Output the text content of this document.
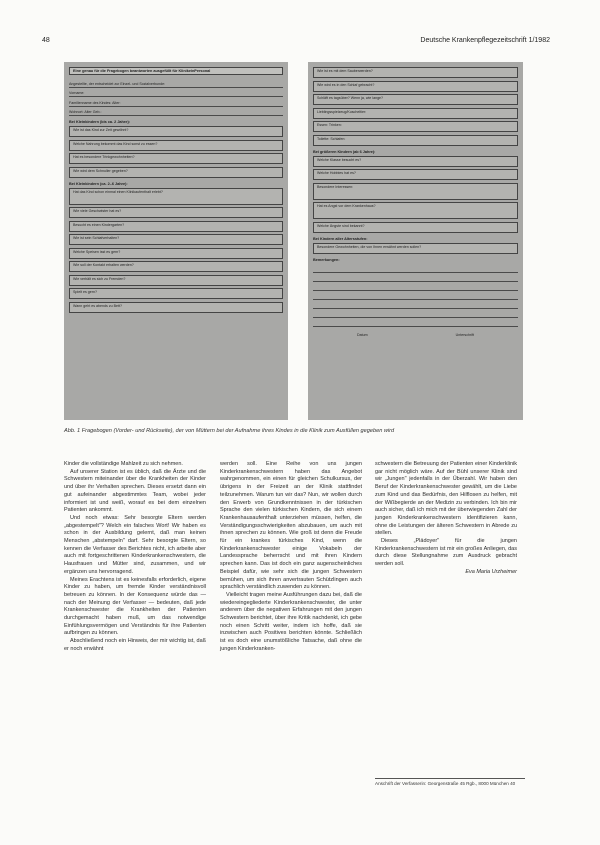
48	Deutsche Krankenpflegezeitschrift 1/1982
Eine genau für die Fragebogen beantworten ausgefüllt für KlinikeinPersonal
Angestellte, der entscheidet zur Einzel- und Sozialverbunde:
Vorname:
Familienname des Kindes: Alter:
Wohnort: Alter Geb.:
Bei Kleinkindern (bis ca. 2 Jahre):
Wie ist das Kind zur Zeit gewöhnt?
Welche Nahrung bekommt das Kind sonst zu essen?
Hat es besondere Trinkgewohnheiten?
Wie wird dem Schnuller gegeben?
Bei Kleinkindern (ca. 2–6 Jahre):
Hat das Kind schon einmal einen Klinikaufenthalt erlebt?
Wie viele Geschwister hat es?
Besucht es einen Kindergarten?
Wie ist sein Schlafverhalten?
Welche Speisen isst es gern?
Wie soll der Kontakt erhalten werden?
Wie verhält es sich zu Fremden?
Spielt es gern?
Wann geht es abends zu Bett?
Wie ist es mit dem Sauberwerden?
Wie wird es in den Schlaf gebracht?
Schläft es tagsüber? Wenn ja, wie lange?
Lieblingsspielzeug/Kuscheltier:
Essen: Trinken:
Toilette: Schlafen:
Bei größeren Kindern (ab 6 Jahre):
Welche Klasse besucht es?
Welche Hobbies hat es?
Besondere Interessen:
Hat es Angst vor dem Krankenhaus?
Welche Ängste sind bekannt?
Bei Kindern aller Altersstufen:
Besondere Gewohnheiten, die von Ihnen erwähnt werden sollen?
Bemerkungen:
Datum	Unterschrift
Abb. 1 Fragebogen (Vorder- und Rückseite), der von Müttern bei der Aufnahme ihres Kindes in die Klinik zum Ausfüllen gegeben wird

Kinder die vollständige Mahlzeit zu sich nehmen.

Auf unserer Station ist es üblich, daß die Ärzte und die Schwestern miteinander über die Krankheiten der Kinder und über ihr Verhalten sprechen. Dieses ersetzt dann ein gut aufeinander abgestimmtes Team, wobei jeder informiert ist und weiß, worauf es bei dem einzelnen Patienten ankommt.

Und noch etwas: Sehr besorgte Eltern werden „abgestempelt"? Welch ein falsches Wort! Wir haben es schon in der Ausbildung gelernt, daß man keinen Menschen „abstempeln" darf. Sehr besorgte Eltern, so kennen die Verfasser des Berichtes nicht, ich arbeite aber auch mit fortgeschrittenen Kinderkrankenschwestern, die Hausfrauen und Mütter sind, zusammen, und wir ergänzen uns hervorragend.

Meines Erachtens ist es keinesfalls erforderlich, eigene Kinder zu haben, um fremde Kinder verständnisvoll betreuen zu können. In der Konsequenz würde das — nach der Meinung der Verfasser — bedeuten, daß jede Krankenschwester die Krankheiten der Patienten durchgemacht haben muß, um das notwendige Einfühlungsvermögen und Verständnis für ihre Patienten aufbringen zu können.

Abschließend noch ein Hinweis, der mir wichtig ist, daß er noch erwähnt

werden soll. Eine Reihe von uns jungen Kinderkrankenschwestern haben das Angebot wahrgenommen, ein einen für gleichen Schulkursus, der übrigens in der Freizeit an der Klinik stattfindet teilzunehmen. Warum tun wir das? Nun, wir wollen durch den Erwerb von Grundkenntnissen in der türkischen Sprache den vielen türkischen Kindern, die sich einem Krankenhausaufenthalt unterziehen müssen, helfen, die Verständigungsschwierigkeiten abzubauen, um auch mit ihnen sprechen zu können. Wie groß ist denn die Freude für ein krankes türkisches Kind, wenn die Kinderkrankenschwester einige Vokabeln der Landessprache beherrscht und mit ihren Kindern sprechen kann. Das ist doch ein ganz augenscheinliches Beispiel dafür, wie sehr sich die jungen Schwestern bemühen, um sich ihren anvertrauten Schützlingen auch sprachlich verständlich zuwenden zu können.

Vielleicht tragen meine Ausführungen dazu bei, daß die wiedereingegliederte Kinderkrankenschwester, die unter anderem über die negativen Erfahrungen mit den jungen Schwestern berichtet, über ihre Kritik nachdenkt, ich gebe noch einen Schritt weiter, indem ich hoffe, daß sie inzwischen auch Positives berichten könnte. Schließlich ist es doch eine unumstößliche Tatsache, daß ohne die jungen Kinderkranken-

schwestern die Betreuung der Patienten einer Kinderklinik gar nicht möglich wäre. Auf der Bühl unserer Klinik sind wir „Jungen" jedenfalls in der Überzahl. Wir haben den Beruf der Kinderkrankenschwester gewählt, um die Liebe zum Kind und das Bedürfnis, den Hilflosen zu helfen, mit der Wißbegierde an der Medizin zu verbinden. Ich bin mir auch sicher, daß ich mich mit der überwiegenden Zahl der jungen Kinderkrankenschwestern identifizieren kann, ohne die Leistungen der älteren Schwestern in Abrede zu stellen.

Dieses „Plädoyer" für die jungen Kinderkrankenschwestern ist mir ein großes Anliegen, das durch diese Stellungnahme zum Ausdruck gebracht werden soll.

Eva Maria Urzheimer
Anschrift der Verfasserin: Georgenstraße 45 Rgb., 8000 München 40
